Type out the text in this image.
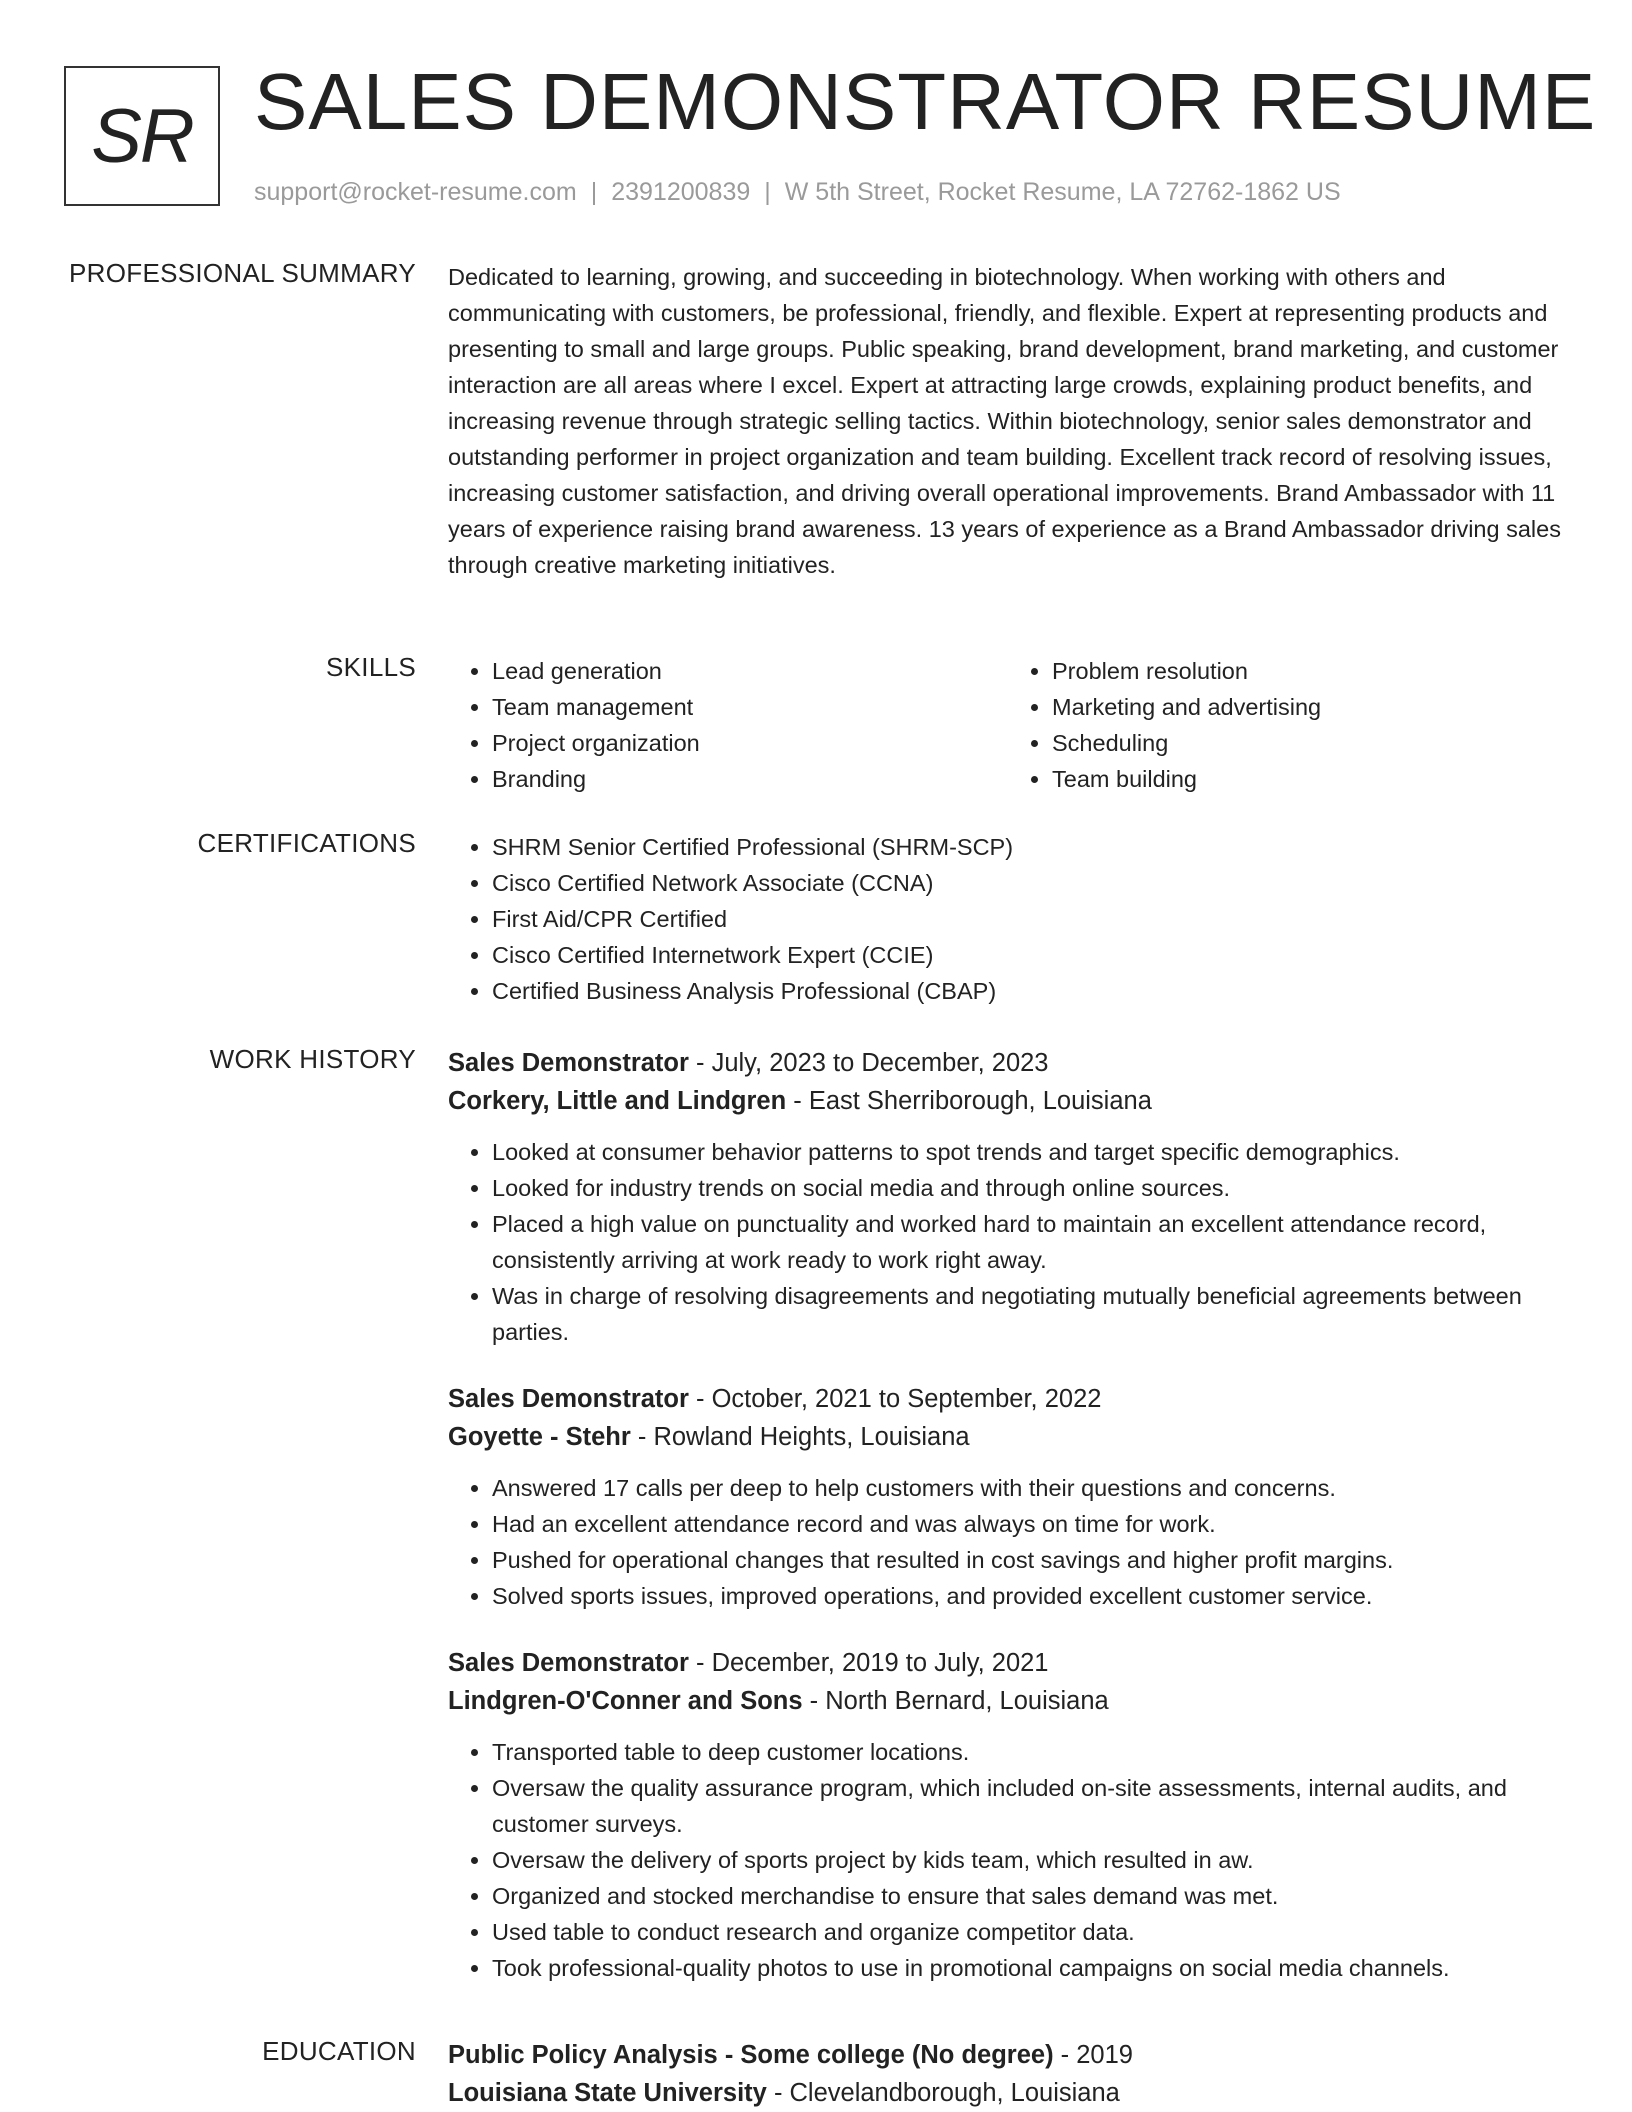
SR SALES DEMONSTRATOR RESUME
support@rocket-resume.com | 2391200839 | W 5th Street, Rocket Resume, LA 72762-1862 US
PROFESSIONAL SUMMARY Dedicated to learning, growing, and succeeding in biotechnology. When working with others and communicating with customers, be professional, friendly, and flexible. Expert at representing products and presenting to small and large groups. Public speaking, brand development, brand marketing, and customer interaction are all areas where I excel. Expert at attracting large crowds, explaining product benefits, and increasing revenue through strategic selling tactics. Within biotechnology, senior sales demonstrator and outstanding performer in project organization and team building. Excellent track record of resolving issues, increasing customer satisfaction, and driving overall operational improvements. Brand Ambassador with 11 years of experience raising brand awareness. 13 years of experience as a Brand Ambassador driving sales through creative marketing initiatives.

SKILLS	• Lead generation
• Team management
• Project organization
• Branding
• Problem resolution
• Marketing and advertising
• Scheduling
• Team building
CERTIFICATIONS	• SHRM Senior Certified Professional (SHRM-SCP)
• Cisco Certified Network Associate (CCNA)
• First Aid/CPR Certified
• Cisco Certified Internetwork Expert (CCIE)
• Certified Business Analysis Professional (CBAP)
WORK HISTORY Sales Demonstrator - July, 2023 to December, 2023
Corkery, Little and Lindgren - East Sherriborough, Louisiana
• Looked at consumer behavior patterns to spot trends and target specific demographics.
• Looked for industry trends on social media and through online sources.
• Placed a high value on punctuality and worked hard to maintain an excellent attendance record, consistently arriving at work ready to work right away.
• Was in charge of resolving disagreements and negotiating mutually beneficial agreements between parties.
Sales Demonstrator - October, 2021 to September, 2022
Goyette - Stehr - Rowland Heights, Louisiana
• Answered 17 calls per deep to help customers with their questions and concerns.
• Had an excellent attendance record and was always on time for work.
• Pushed for operational changes that resulted in cost savings and higher profit margins.
• Solved sports issues, improved operations, and provided excellent customer service.
Sales Demonstrator - December, 2019 to July, 2021
Lindgren-O'Conner and Sons - North Bernard, Louisiana
• Transported table to deep customer locations.
• Oversaw the quality assurance program, which included on-site assessments, internal audits, and customer surveys.
• Oversaw the delivery of sports project by kids team, which resulted in aw.
• Organized and stocked merchandise to ensure that sales demand was met.
• Used table to conduct research and organize competitor data.
• Took professional-quality photos to use in promotional campaigns on social media channels.
EDUCATION Public Policy Analysis - Some college (No degree) - 2019
Louisiana State University - Clevelandborough, Louisiana
